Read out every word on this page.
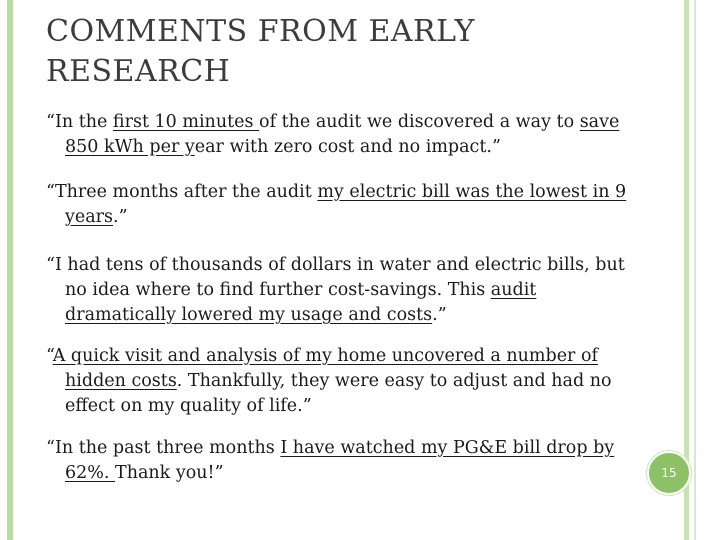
COMMENTS FROM EARLY
RESEARCH

“In the first 10 minutes of the audit we discovered a way to save 850 kWh per year with zero cost and no impact.”

“Three months after the audit my electric bill was the lowest in 9 years.”

“I had tens of thousands of dollars in water and electric bills, but no idea where to find further cost-savings. This audit dramatically lowered my usage and costs.”

“A quick visit and analysis of my home uncovered a number of hidden costs. Thankfully, they were easy to adjust and had no effect on my quality of life.”

“In the past three months I have watched my PG&E bill drop by 62%. Thank you!”	15
